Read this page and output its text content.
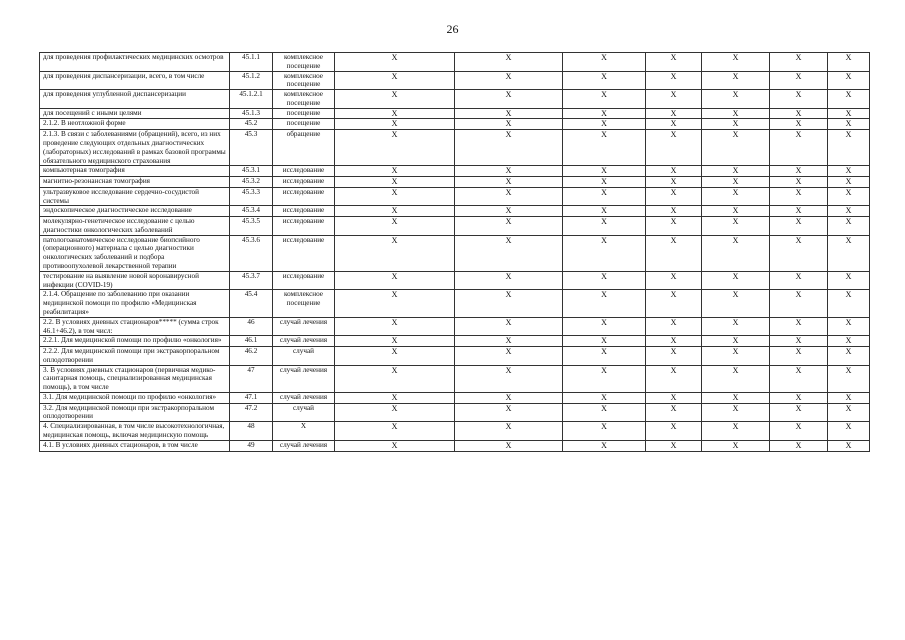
26
для проведения профилактических медицинских осмотров	45.1.1	комплексное посещение	X	X	X	X	X	X	X
для проведения диспансеризации, всего, в том числе	45.1.2	комплексное посещение	X	X	X	X	X	X	X
для проведения углубленной диспансеризации	45.1.2.1	комплексное посещение	X	X	X	X	X	X	X
для посещений с иными целями	45.1.3	посещение	X	X	X	X	X	X	X
2.1.2. В неотложной форме	45.2	посещение	X	X	X	X	X	X	X
2.1.3. В связи с заболеваниями (обращений), всего, из них проведение следующих отдельных диагностических (лабораторных) исследований в рамках базовой программы обязательного медицинского страхования	45.3	обращение	X	X	X	X	X	X	X
компьютерная томография	45.3.1	исследование	X	X	X	X	X	X	X
магнитно-резонансная томография	45.3.2	исследование	X	X	X	X	X	X	X
ультразвуковое исследование сердечно-сосудистой системы	45.3.3	исследование	X	X	X	X	X	X	X
эндоскопическое диагностическое исследование	45.3.4	исследование	X	X	X	X	X	X	X
молекулярно-генетическое исследование с целью диагностики онкологических заболеваний	45.3.5	исследование	X	X	X	X	X	X	X
патологоанатомическое исследование биопсийного (операционного) материала с целью диагностики онкологических заболеваний и подбора противоопухолевой лекарственной терапии	45.3.6	исследование	X	X	X	X	X	X	X
тестирование на выявление новой коронавирусной инфекции (COVID-19)	45.3.7	исследование	X	X	X	X	X	X	X
2.1.4. Обращение по заболеванию при оказании медицинской помощи по профилю «Медицинская реабилитация»	45.4	комплексное посещение	X	X	X	X	X	X	X
2.2. В условиях дневных стационаров***** (сумма строк 46.1+46.2), в том числ:	46	случай лечения	X	X	X	X	X	X	X
2.2.1. Для медицинской помощи по профилю «онкология»	46.1	случай лечения	X	X	X	X	X	X	X
2.2.2. Для медицинской помощи при экстракорпоральном оплодотворении	46.2	случай	X	X	X	X	X	X	X
3. В условиях дневных стационаров (первичная медико-санитарная помощь, специализированная медицинская помощь), в том числе	47	случай лечения	X	X	X	X	X	X	X
3.1. Для медицинской помощи по профилю «онкология»	47.1	случай лечения	X	X	X	X	X	X	X
3.2. Для медицинской помощи при экстракорпоральном оплодотворении	47.2	случай	X	X	X	X	X	X	X
4. Специализированная, в том числе высокотехнологичная, медицинская помощь, включая медицинскую помощь	48	X	X	X	X	X	X	X	X
4.1. В условиях дневных стационаров, в том числе	49	случай лечения	X	X	X	X	X	X	X
